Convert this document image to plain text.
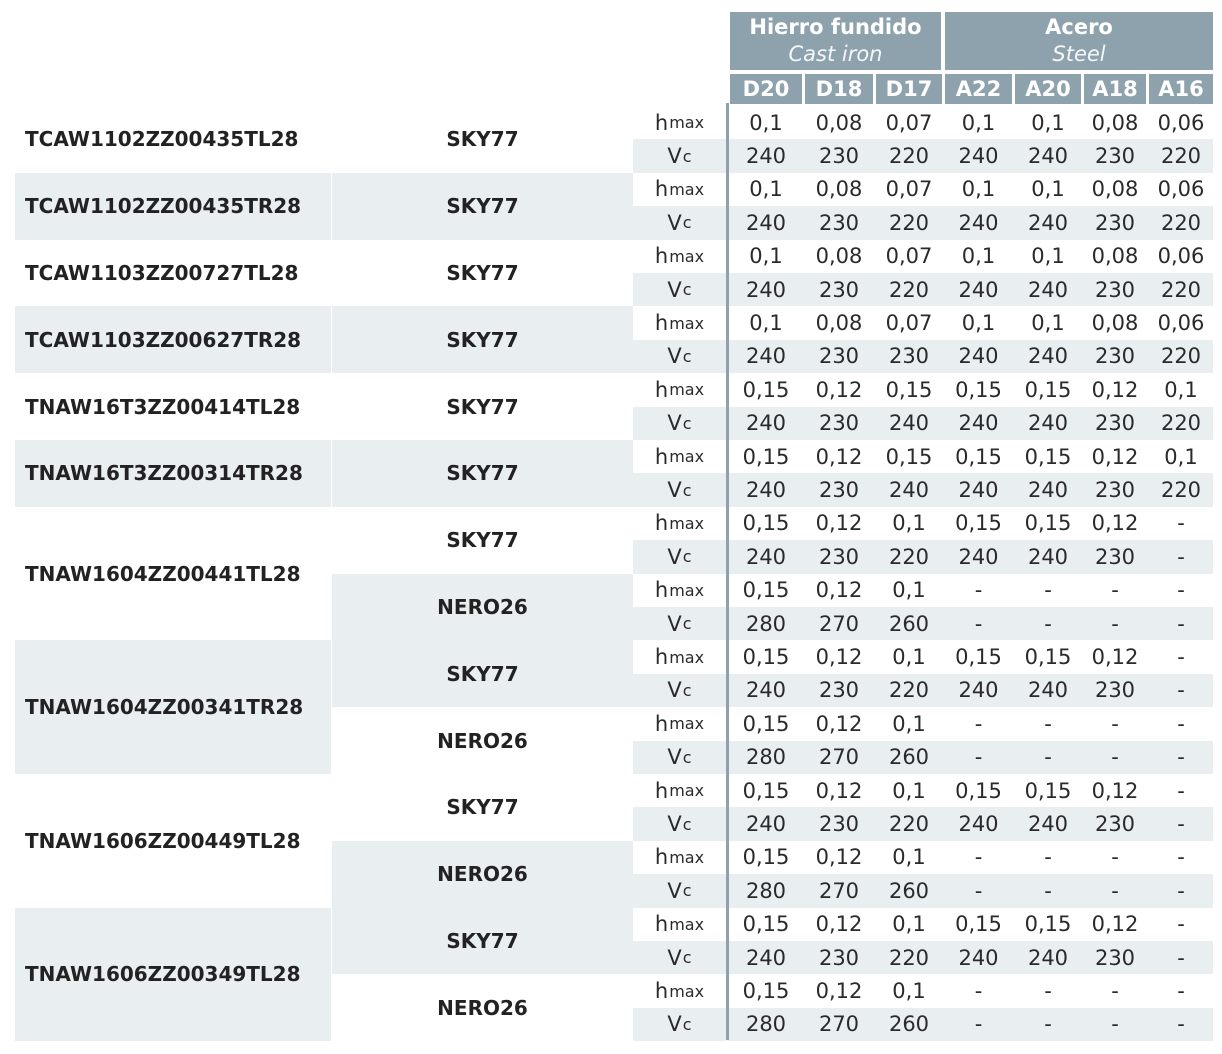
Hierro fundido
Cast iron
Acero
Steel
D20 D18 D17 A22 A20 A18 A16
TCAW1102ZZ00435TL28	SKY77
h max 0,1 0,08 0,07 0,1 0,1 0,08 0,06
V c	240 230 220 240 240 230 220
TCAW1102ZZ00435TR28	SKY77
h max 0,1 0,08 0,07 0,1 0,1 0,08 0,06
V c	240 230 220 240 240 230 220
TCAW1103ZZ00727TL28	SKY77
h max 0,1 0,08 0,07 0,1 0,1 0,08 0,06
V c	240 230 220 240 240 230 220
TCAW1103ZZ00627TR28	SKY77
h max 0,1 0,08 0,07 0,1 0,1 0,08 0,06
V c	240 230 230 240 240 230 220
TNAW16T3ZZ00414TL28	SKY77
h max 0,15 0,12 0,15 0,15 0,15 0,12 0,1
V c	240 230 240 240 240 230 220
TNAW16T3ZZ00314TR28	SKY77
h max 0,15 0,12 0,15 0,15 0,15 0,12 0,1
V c	240 230 240 240 240 230 220
TNAW1604ZZ00441TL28
SKY77
h max 0,15 0,12 0,1 0,15 0,15 0,12 -
V c	240 230 220 240 240 230 -
NERO26
h max 0,15 0,12 0,1 -	-	-	-
V c	280 270 260 -	-	-	-
TNAW1604ZZ00341TR28
SKY77
h max 0,15 0,12 0,1 0,15 0,15 0,12 -
V c	240 230 220 240 240 230 -
NERO26
h max 0,15 0,12 0,1 -	-	-	-
V c	280 270 260 -	-	-	-
TNAW1606ZZ00449TL28
SKY77
h max 0,15 0,12 0,1 0,15 0,15 0,12 -
V c	240 230 220 240 240 230 -
NERO26
h max 0,15 0,12 0,1 -	-	-	-
V c	280 270 260 -	-	-	-
TNAW1606ZZ00349TL28
SKY77
h max 0,15 0,12 0,1 0,15 0,15 0,12 -
V c	240 230 220 240 240 230 -
NERO26
h max 0,15 0,12 0,1 -	-	-	-
V c	280 270 260 -	-	-	-
